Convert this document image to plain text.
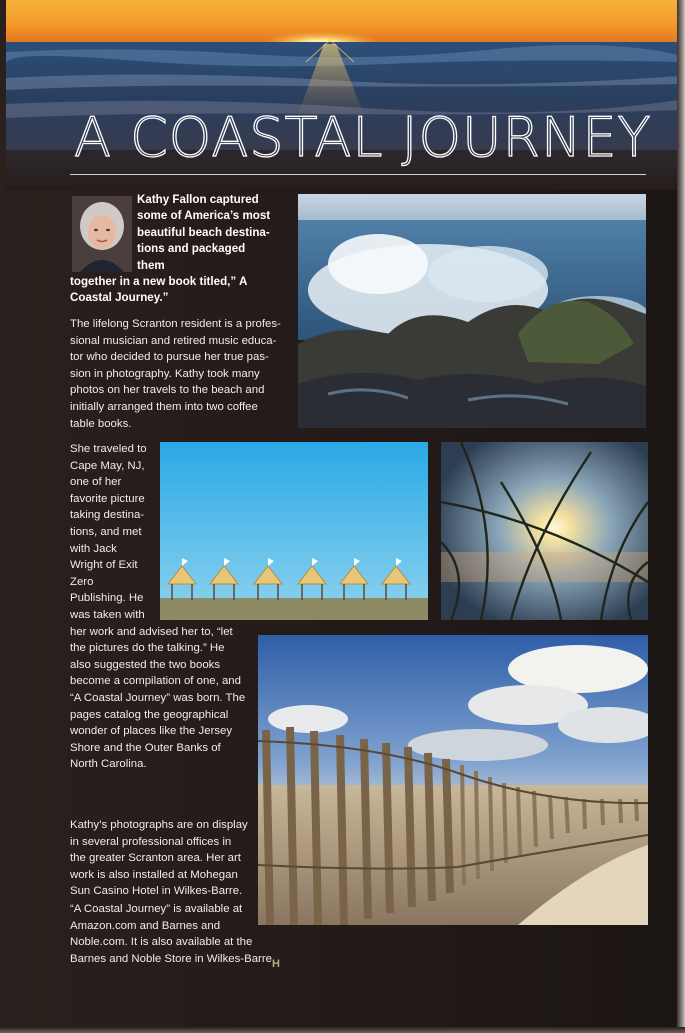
A COASTAL JOURNEY
Kathy Fallon captured
some of America’s most
beautiful beach destina-
tions and packaged
them
together in a new book titled,” A
Coastal Journey.”
The lifelong Scranton resident is a profes-
sional musician and retired music educa-
tor who decided to pursue her true pas-
sion in photography. Kathy took many
photos on her travels to the beach and
initially arranged them into two coffee
table books.
She traveled to
Cape May, NJ,
one of her
favorite picture
taking destina-
tions, and met
with Jack
Wright of Exit
Zero
Publishing. He
was taken with
her work and advised her to, “let
the pictures do the talking.” He
also suggested the two books
become a compilation of one, and
“A Coastal Journey” was born. The
pages catalog the geographical
wonder of places like the Jersey
Shore and the Outer Banks of
North Carolina.
Kathy’s photographs are on display
in several professional offices in
the greater Scranton area. Her art
work is also installed at Mohegan
Sun Casino Hotel in Wilkes-Barre.
“A Coastal Journey” is available at
Amazon.com and Barnes and
Noble.com. It is also available at the
Barnes and Noble Store in Wilkes-Barre.
H
